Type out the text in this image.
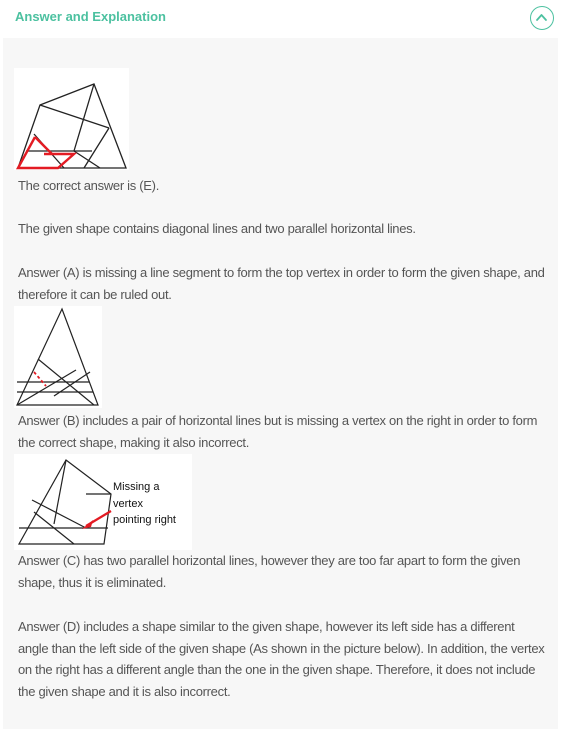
Answer and Explanation

The correct answer is (E).

The given shape contains diagonal lines and two parallel horizontal lines.

Answer (A) is missing a line segment to form the top vertex in order to form the given shape, and therefore it can be ruled out.

Answer (B) includes a pair of horizontal lines but is missing a vertex on the right in order to form the correct shape, making it also incorrect.

Missing a
vertex
pointing right

Answer (C) has two parallel horizontal lines, however they are too far apart to form the given shape, thus it is eliminated.

Answer (D) includes a shape similar to the given shape, however its left side has a different angle than the left side of the given shape (As shown in the picture below). In addition, the vertex on the right has a different angle than the one in the given shape. Therefore, it does not include the given shape and it is also incorrect.
